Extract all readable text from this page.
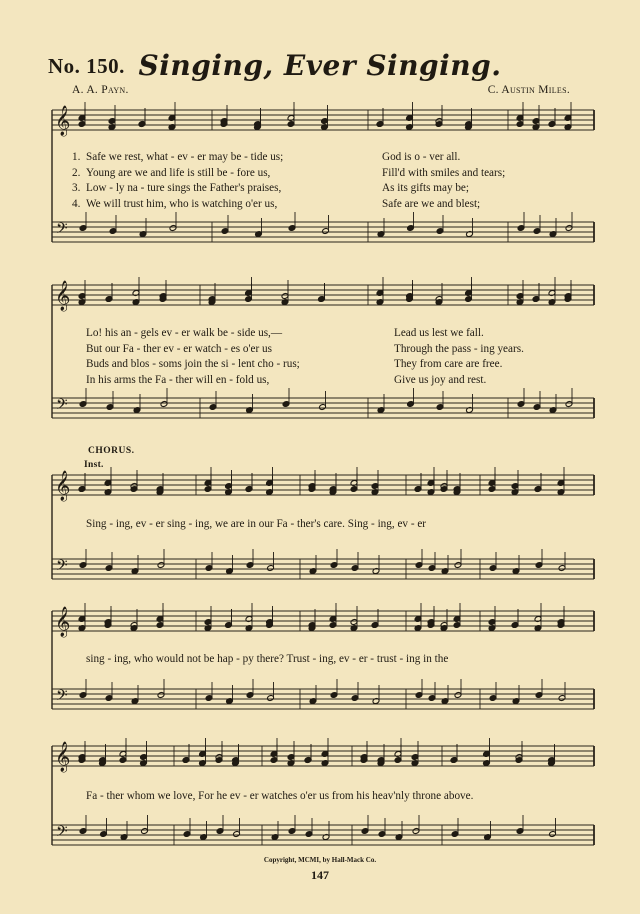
No. 150. Singing, Ever Singing.
A. A. Payn.	C. Austin Miles.
𝄞
𝄢
𝄞
𝄢
𝄞
𝄢
𝄞
𝄢
𝄞
𝄢
1. Safe we rest, what - ev - er may be - tide us;	God is o - ver all.
2. Young are we and life is still be - fore us,	Fill'd with smiles and tears;
3. Low - ly na - ture sings the Father's praises,	As its gifts may be;
4. We will trust him, who is watching o'er us,	Safe are we and blest;
Lo! his an - gels ev - er walk be - side us,—	Lead us lest we fall.
But our Fa - ther ev - er watch - es o'er us	Through the pass - ing years.
Buds and blos - soms join the si - lent cho - rus;	They from care are free.
In his arms the Fa - ther will en - fold us,	Give us joy and rest.
CHORUS.
Inst.
Sing - ing, ev - er sing - ing, we are in our Fa - ther's care. Sing - ing, ev - er
sing - ing, who would not be hap - py there? Trust - ing, ev - er - trust - ing in the
Fa - ther whom we love, For he ev - er watches o'er us from his heav'nly throne above.
Copyright, MCMI, by Hall-Mack Co.
147
